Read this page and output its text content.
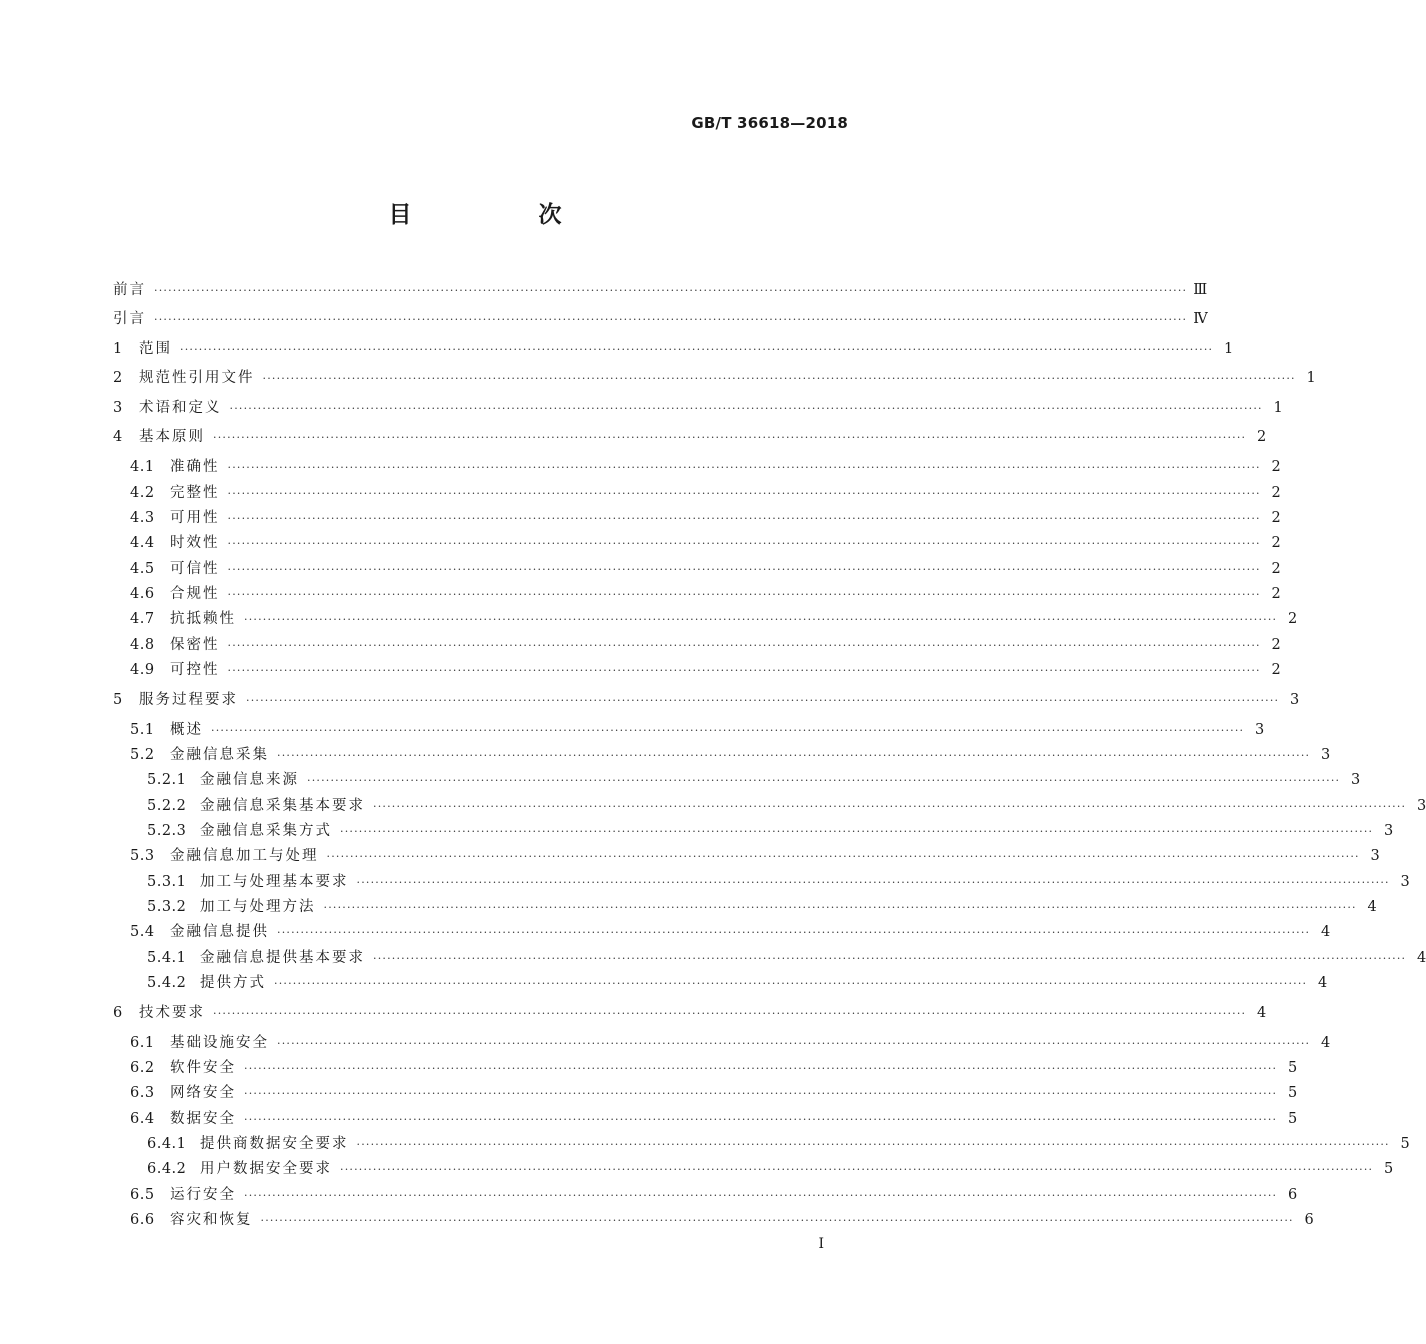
GB/T 36618—2018
目　次
前言 ···························································································································································································································· Ⅲ
引言 ···························································································································································································································· Ⅳ
1	范围 ···························································································································································································································· 1
2	规范性引用文件 ···························································································································································································································· 1
3	术语和定义 ···························································································································································································································· 1
4	基本原则 ···························································································································································································································· 2
4.1	准确性 ···························································································································································································································· 2
4.2	完整性 ···························································································································································································································· 2
4.3	可用性 ···························································································································································································································· 2
4.4	时效性 ···························································································································································································································· 2
4.5	可信性 ···························································································································································································································· 2
4.6	合规性 ···························································································································································································································· 2
4.7	抗抵赖性 ···························································································································································································································· 2
4.8	保密性 ···························································································································································································································· 2
4.9	可控性 ···························································································································································································································· 2
5	服务过程要求 ···························································································································································································································· 3
5.1	概述 ···························································································································································································································· 3
5.2	金融信息采集 ···························································································································································································································· 3
5.2.1 金融信息来源 ···························································································································································································································· 3
5.2.2 金融信息采集基本要求 ···························································································································································································································· 3
5.2.3 金融信息采集方式 ···························································································································································································································· 3
5.3	金融信息加工与处理 ···························································································································································································································· 3
5.3.1 加工与处理基本要求 ···························································································································································································································· 3
5.3.2 加工与处理方法 ···························································································································································································································· 4
5.4	金融信息提供 ···························································································································································································································· 4
5.4.1 金融信息提供基本要求 ···························································································································································································································· 4
5.4.2 提供方式 ···························································································································································································································· 4
6	技术要求 ···························································································································································································································· 4
6.1	基础设施安全 ···························································································································································································································· 4
6.2	软件安全 ···························································································································································································································· 5
6.3	网络安全 ···························································································································································································································· 5
6.4	数据安全 ···························································································································································································································· 5
6.4.1 提供商数据安全要求 ···························································································································································································································· 5
6.4.2 用户数据安全要求 ···························································································································································································································· 5
6.5	运行安全 ···························································································································································································································· 6
6.6	容灾和恢复 ···························································································································································································································· 6
I
